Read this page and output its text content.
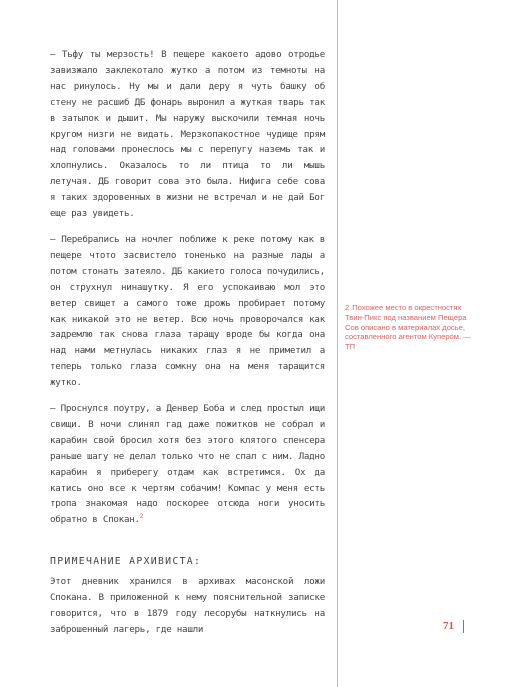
— Тьфу ты мерзость! В пещере какоето адово отродье завизжало заклекотало жутко а потом из темноты на нас ринулось. Ну мы и дали деру я чуть башку об стену не расшиб ДБ фонарь выронил а жуткая тварь так в затылок и дышит. Мы наружу выскочили темная ночь кругом низги не видать. Мерзкопакостное чудище прям над головами пронеслось мы с перепугу наземь так и хлопнулись. Оказалось то ли птица то ли мышь летучая. ДБ говорит сова это была. Нифига себе сова я таких здоровенных в жизни не встречал и не дай Бог еще раз увидеть.

— Перебрались на ночлег поближе к реке потому как в пещере чтото засвистело тоненько на разные лады а потом стонать затеяло. ДБ какието голоса почудились, он струхнул нинашутку. Я его успокаиваю мол это ветер свищет а самого тоже дрожь пробирает потому как никакой это не ветер. Всю ночь проворочался как задремлю так снова глаза таращу вроде бы когда она над нами метнулась никаких глаз я не приметил а теперь только глаза сомкну она на меня таращится жутко.

— Проснулся поутру, а Денвер Боба и след простыл ищи свищи. В ночи слинял гад даже пожитков не собрал и карабин свой бросил хотя без этого клятого спенсера раньше шагу не делал только что не спал с ним. Ладно карабин я приберегу отдам как встретимся. Ох да катись оно все к чертям собачим! Компас у меня есть тропа знакомая надо поскорее отсюда ноги уносить обратно в Спокан.$^2$

ПРИМЕЧАНИЕ АРХИВИСТА:

Этот дневник хранился в архивах масонской ложи Спокана. В приложенной к нему пояснительной записке говорится, что в 1879 году лесорубы наткнулись на заброшенный лагерь, где нашли

2 Похожее место в окрестностях Твин-Пикс под названием Пещера Сов описано в материалах досье, составленного агентом Купером. — ТП
71
